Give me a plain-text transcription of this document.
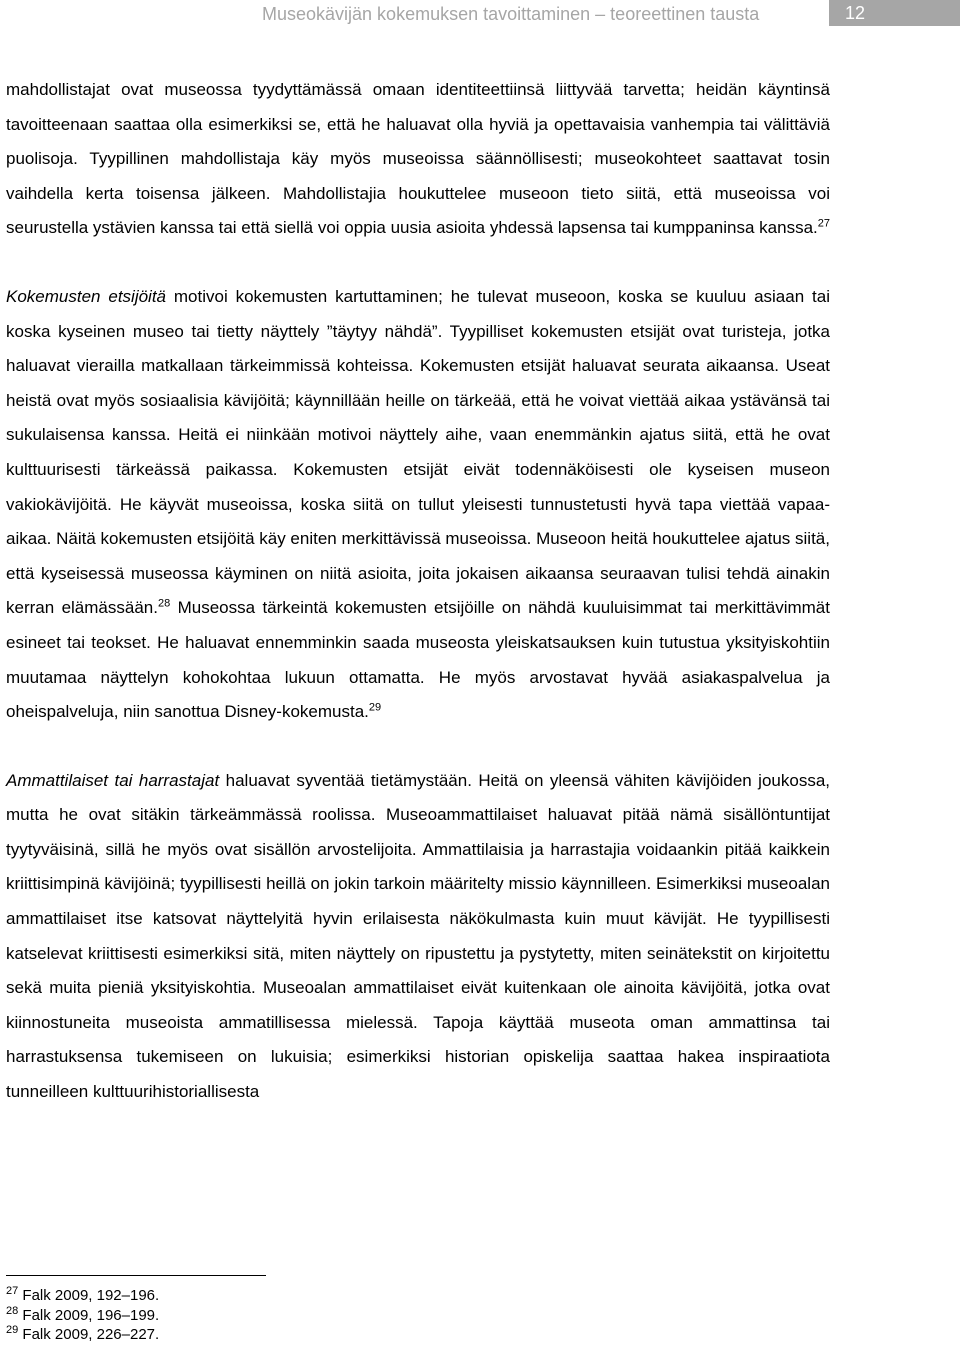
Museokävijän kokemuksen tavoittaminen – teoreettinen tausta	12

mahdollistajat ovat museossa tyydyttämässä omaan identiteettiinsä liittyvää tarvetta; heidän käyntinsä tavoitteenaan saattaa olla esimerkiksi se, että he haluavat olla hyviä ja opettavaisia vanhempia tai välittäviä puolisoja. Tyypillinen mahdollistaja käy myös museoissa säännöllisesti; museokohteet saattavat tosin vaihdella kerta toisensa jälkeen. Mahdollistajia houkuttelee museoon tieto siitä, että museoissa voi seurustella ystävien kanssa tai että siellä voi oppia uusia asioita yhdessä lapsensa tai kumppaninsa kanssa.$^{27}$

Kokemusten etsijöitä motivoi kokemusten kartuttaminen; he tulevat museoon, koska se kuuluu asiaan tai koska kyseinen museo tai tietty näyttely ”täytyy nähdä”. Tyypilliset kokemusten etsijät ovat turisteja, jotka haluavat vierailla matkallaan tärkeimmissä kohteissa. Kokemusten etsijät haluavat seurata aikaansa. Useat heistä ovat myös sosiaalisia kävijöitä; käynnillään heille on tärkeää, että he voivat viettää aikaa ystävänsä tai sukulaisensa kanssa. Heitä ei niinkään motivoi näyttely aihe, vaan enemmänkin ajatus siitä, että he ovat kulttuurisesti tärkeässä paikassa. Kokemusten etsijät eivät todennäköisesti ole kyseisen museon vakiokävijöitä. He käyvät museoissa, koska siitä on tullut yleisesti tunnustetusti hyvä tapa viettää vapaa-aikaa. Näitä kokemusten etsijöitä käy eniten merkittävissä museoissa. Museoon heitä houkuttelee ajatus siitä, että kyseisessä museossa käyminen on niitä asioita, joita jokaisen aikaansa seuraavan tulisi tehdä ainakin kerran elämässään.$^{28}$ Museossa tärkeintä kokemusten etsijöille on nähdä kuuluisimmat tai merkittävimmät esineet tai teokset. He haluavat ennemminkin saada museosta yleiskatsauksen kuin tutustua yksityiskohtiin muutamaa näyttelyn kohokohtaa lukuun ottamatta. He myös arvostavat hyvää asiakaspalvelua ja oheispalveluja, niin sanottua Disney-kokemusta.$^{29}$

Ammattilaiset tai harrastajat haluavat syventää tietämystään. Heitä on yleensä vähiten kävijöiden joukossa, mutta he ovat sitäkin tärkeämmässä roolissa. Museoammattilaiset haluavat pitää nämä sisällöntuntijat tyytyväisinä, sillä he myös ovat sisällön arvostelijoita. Ammattilaisia ja harrastajia voidaankin pitää kaikkein kriittisimpinä kävijöinä; tyypillisesti heillä on jokin tarkoin määritelty missio käynnilleen. Esimerkiksi museoalan ammattilaiset itse katsovat näyttelyitä hyvin erilaisesta näkökulmasta kuin muut kävijät. He tyypillisesti katselevat kriittisesti esimerkiksi sitä, miten näyttely on ripustettu ja pystytetty, miten seinätekstit on kirjoitettu sekä muita pieniä yksityiskohtia. Museoalan ammattilaiset eivät kuitenkaan ole ainoita kävijöitä, jotka ovat kiinnostuneita museoista ammatillisessa mielessä. Tapoja käyttää museota oman ammattinsa tai harrastuksensa tukemiseen on lukuisia; esimerkiksi historian opiskelija saattaa hakea inspiraatiota tunneilleen kulttuurihistoriallisesta

$^{27}$ Falk 2009, 192–196.
$^{28}$ Falk 2009, 196–199.
$^{29}$ Falk 2009, 226–227.
